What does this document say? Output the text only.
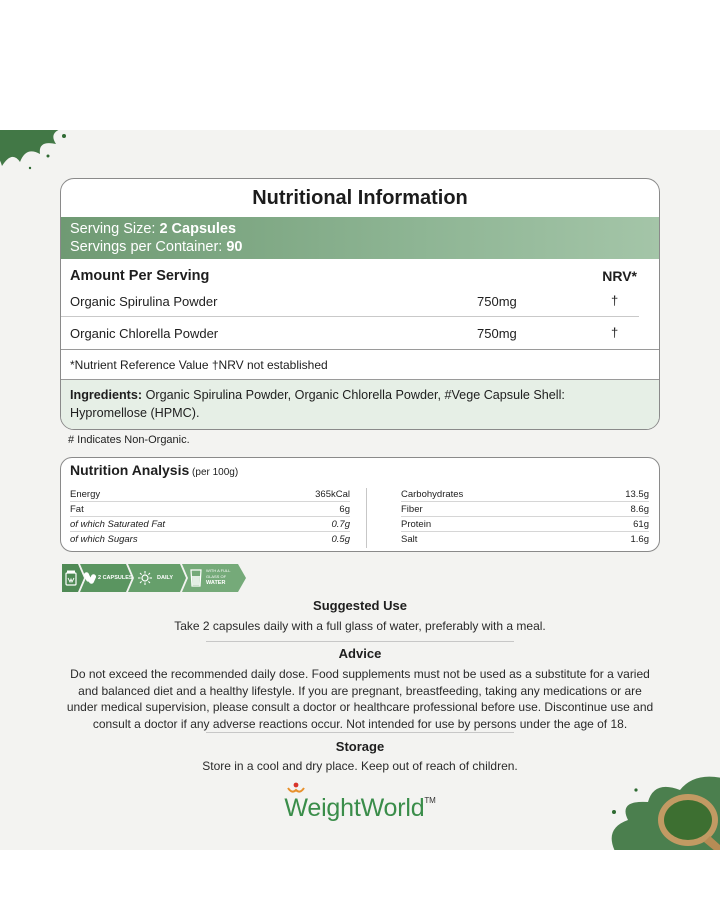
Nutritional Information
Serving Size: 2 Capsules
Servings per Container: 90
Amount Per Serving	NRV*
Organic Spirulina Powder	750mg	†
Organic Chlorella Powder	750mg	†
*Nutrient Reference Value †NRV not established
Ingredients: Organic Spirulina Powder, Organic Chlorella Powder, #Vege Capsule Shell:
Hypromellose (HPMC).
# Indicates Non-Organic.
Nutrition Analysis (per 100g)
Energy	365kCal
Fat	6g
of which Saturated Fat	0.7g
of which Sugars	0.5g
Carbohydrates	13.5g
Fiber	8.6g
Protein	61g
Salt	1.6g
2 CAPSULES	DAILY
WITH A FULL
GLASS OF
WATER
Suggested Use
Take 2 capsules daily with a full glass of water, preferably with a meal.
Advice
Do not exceed the recommended daily dose. Food supplements must not be used as a substitute for a varied
and balanced diet and a healthy lifestyle. If you are pregnant, breastfeeding, taking any medications or are
under medical supervision, please consult a doctor or healthcare professional before use. Discontinue use and
consult a doctor if any adverse reactions occur. Not intended for use by persons under the age of 18.
Storage
Store in a cool and dry place. Keep out of reach of children.
WeightWorld™
